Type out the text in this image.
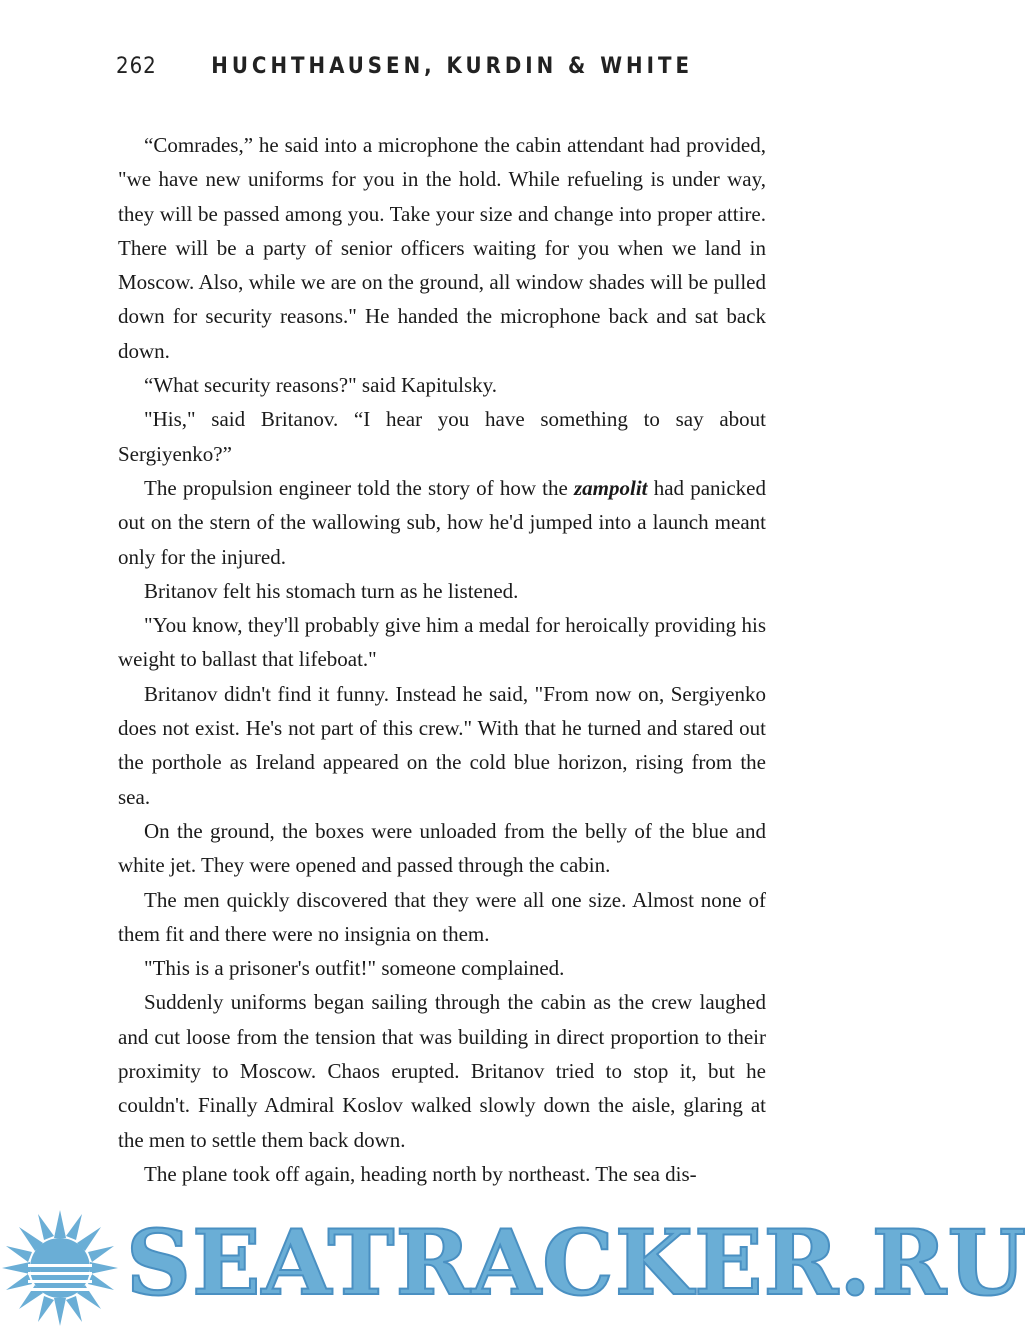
262 HUCHTHAUSEN, KURDIN & WHITE

“Comrades,” he said into a microphone the cabin attendant had provided, "we have new uniforms for you in the hold. While refueling is under way, they will be passed among you. Take your size and change into proper attire. There will be a party of senior officers waiting for you when we land in Moscow. Also, while we are on the ground, all window shades will be pulled down for security reasons." He handed the microphone back and sat back down.

“What security reasons?" said Kapitulsky.

"His," said Britanov. “I hear you have something to say about Sergiyenko?”

The propulsion engineer told the story of how the zampolit had panicked out on the stern of the wallowing sub, how he'd jumped into a launch meant only for the injured.

Britanov felt his stomach turn as he listened.

"You know, they'll probably give him a medal for heroically providing his weight to ballast that lifeboat."

Britanov didn't find it funny. Instead he said, "From now on, Sergiyenko does not exist. He's not part of this crew." With that he turned and stared out the porthole as Ireland appeared on the cold blue horizon, rising from the sea.

On the ground, the boxes were unloaded from the belly of the blue and white jet. They were opened and passed through the cabin.

The men quickly discovered that they were all one size. Almost none of them fit and there were no insignia on them.

"This is a prisoner's outfit!" someone complained.

Suddenly uniforms began sailing through the cabin as the crew laughed and cut loose from the tension that was building in direct proportion to their proximity to Moscow. Chaos erupted. Britanov tried to stop it, but he couldn't. Finally Admiral Koslov walked slowly down the aisle, glaring at the men to settle them back down.

The plane took off again, heading north by northeast. The sea dis-

SEATRACKER.RU
